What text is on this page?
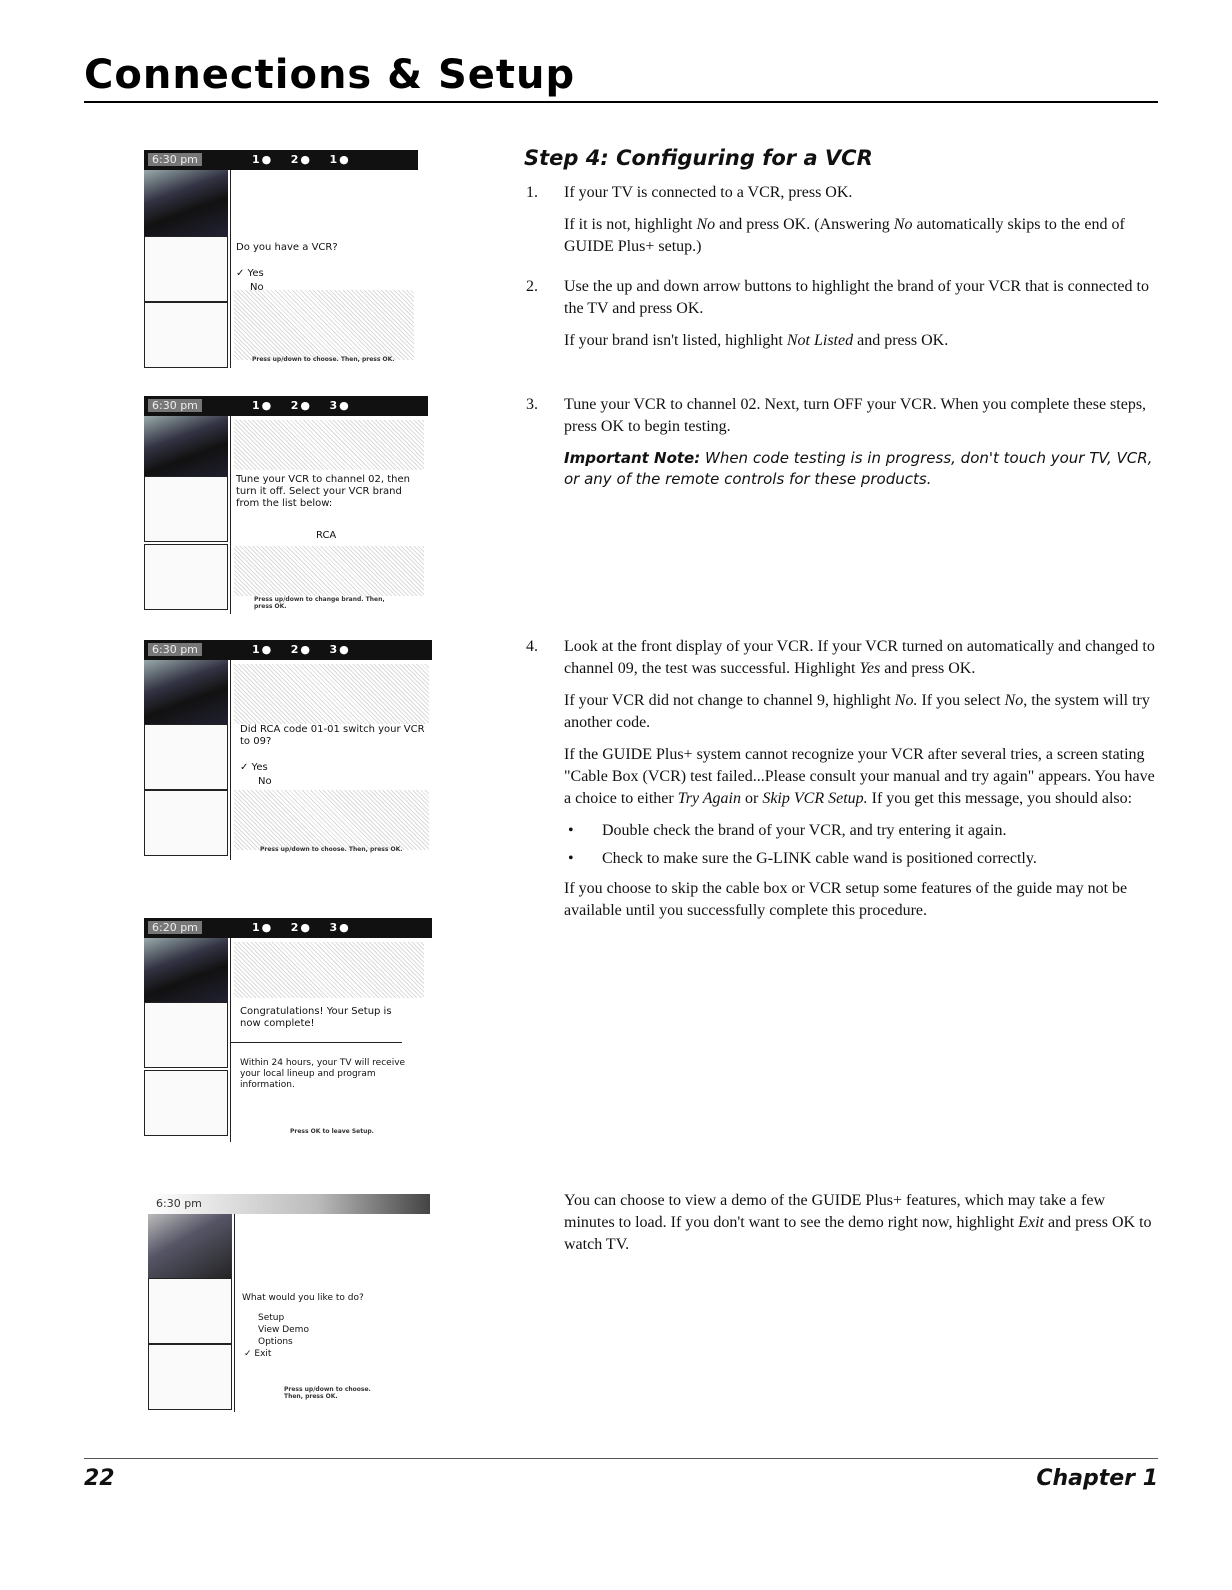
Connections & Setup
6:30 pm	1●   2●   1●
Do you have a VCR?
✓ Yes
No
Press up/down to choose. Then, press OK.
6:30 pm	1●   2●   3●
Tune your VCR to channel 02, then turn it off. Select your VCR brand from the list below:
RCA
Press up/down to change brand. Then, press OK.
6:30 pm	1●   2●   3●
Did RCA code 01-01 switch your VCR to 09?
✓ Yes
No
Press up/down to choose. Then, press OK.
6:20 pm	1●   2●   3●
Congratulations! Your Setup is now complete!
Within 24 hours, your TV will receive your local lineup and program information.
Press OK to leave Setup.
6:30 pm
What would you like to do?
Setup
View Demo
Options
✓ Exit
Press up/down to choose. Then, press OK.
Step 4: Configuring for a VCR
1.	If your TV is connected to a VCR, press OK.
If it is not, highlight No and press OK. (Answering No automatically skips to the end of GUIDE Plus+ setup.)
2.	Use the up and down arrow buttons to highlight the brand of your VCR that is connected to the TV and press OK.
If your brand isn't listed, highlight Not Listed and press OK.
3.	Tune your VCR to channel 02. Next, turn OFF your VCR. When you complete these steps, press OK to begin testing.
Important Note: When code testing is in progress, don't touch your TV, VCR, or any of the remote controls for these products.
4.	Look at the front display of your VCR. If your VCR turned on automatically and changed to channel 09, the test was successful. Highlight Yes and press OK.
If your VCR did not change to channel 9, highlight No. If you select No, the system will try another code.
If the GUIDE Plus+ system cannot recognize your VCR after several tries, a screen stating "Cable Box (VCR) test failed...Please consult your manual and try again" appears. You have a choice to either Try Again or Skip VCR Setup. If you get this message, you should also:
• Double check the brand of your VCR, and try entering it again.
• Check to make sure the G-LINK cable wand is positioned correctly.
If you choose to skip the cable box or VCR setup some features of the guide may not be available until you successfully complete this procedure.
You can choose to view a demo of the GUIDE Plus+ features, which may take a few minutes to load. If you don't want to see the demo right now, highlight Exit and press OK to watch TV.
22	Chapter 1
